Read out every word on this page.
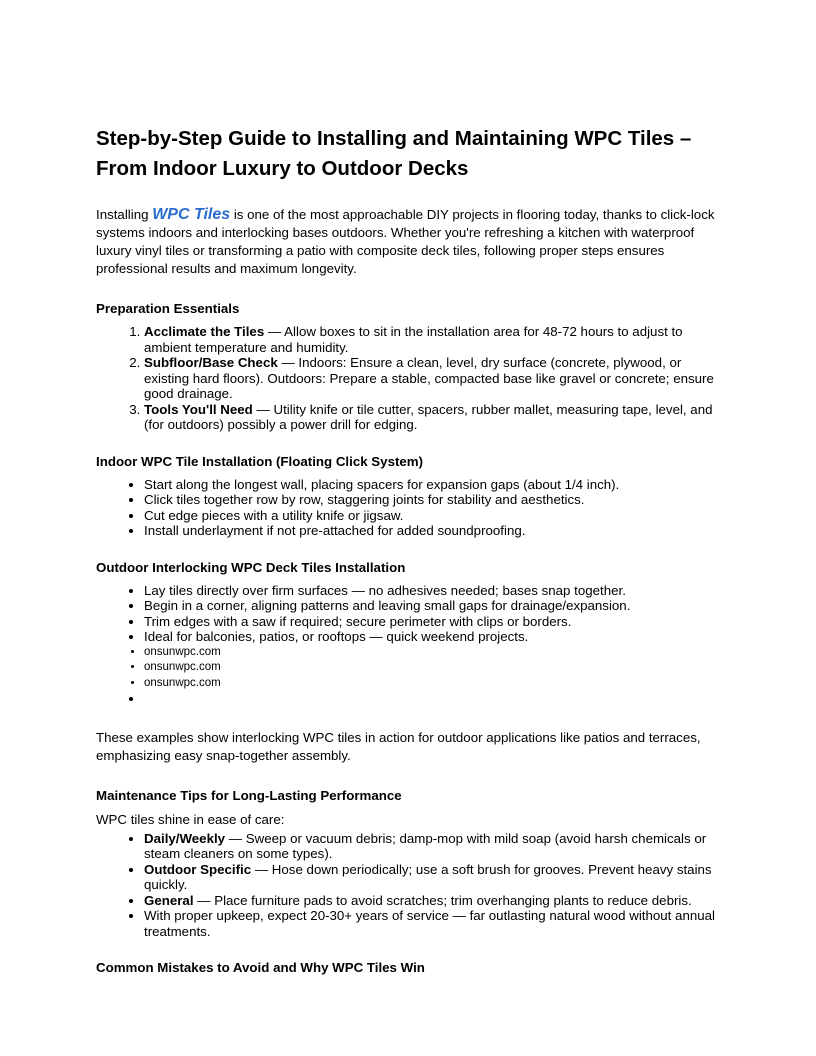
Step-by-Step Guide to Installing and Maintaining WPC Tiles – From Indoor Luxury to Outdoor Decks

Installing WPC Tiles is one of the most approachable DIY projects in flooring today, thanks to click-lock systems indoors and interlocking bases outdoors. Whether you're refreshing a kitchen with waterproof luxury vinyl tiles or transforming a patio with composite deck tiles, following proper steps ensures professional results and maximum longevity.

Preparation Essentials
1. Acclimate the Tiles — Allow boxes to sit in the installation area for 48-72 hours to adjust to ambient temperature and humidity.
2. Subfloor/Base Check — Indoors: Ensure a clean, level, dry surface (concrete, plywood, or existing hard floors). Outdoors: Prepare a stable, compacted base like gravel or concrete; ensure good drainage.
3. Tools You'll Need — Utility knife or tile cutter, spacers, rubber mallet, measuring tape, level, and (for outdoors) possibly a power drill for edging.
Indoor WPC Tile Installation (Floating Click System)
• Start along the longest wall, placing spacers for expansion gaps (about 1/4 inch).
• Click tiles together row by row, staggering joints for stability and aesthetics.
• Cut edge pieces with a utility knife or jigsaw.
• Install underlayment if not pre-attached for added soundproofing.
Outdoor Interlocking WPC Deck Tiles Installation
• Lay tiles directly over firm surfaces — no adhesives needed; bases snap together.
• Begin in a corner, aligning patterns and leaving small gaps for drainage/expansion.
• Trim edges with a saw if required; secure perimeter with clips or borders.
• Ideal for balconies, patios, or rooftops — quick weekend projects.
• onsunwpc.com
• onsunwpc.com
• onsunwpc.com
•

These examples show interlocking WPC tiles in action for outdoor applications like patios and terraces, emphasizing easy snap-together assembly.

Maintenance Tips for Long-Lasting Performance

WPC tiles shine in ease of care:

• Daily/Weekly — Sweep or vacuum debris; damp-mop with mild soap (avoid harsh chemicals or steam cleaners on some types).
• Outdoor Specific — Hose down periodically; use a soft brush for grooves. Prevent heavy stains quickly.
• General — Place furniture pads to avoid scratches; trim overhanging plants to reduce debris.
• With proper upkeep, expect 20-30+ years of service — far outlasting natural wood without annual treatments.
Common Mistakes to Avoid and Why WPC Tiles Win
